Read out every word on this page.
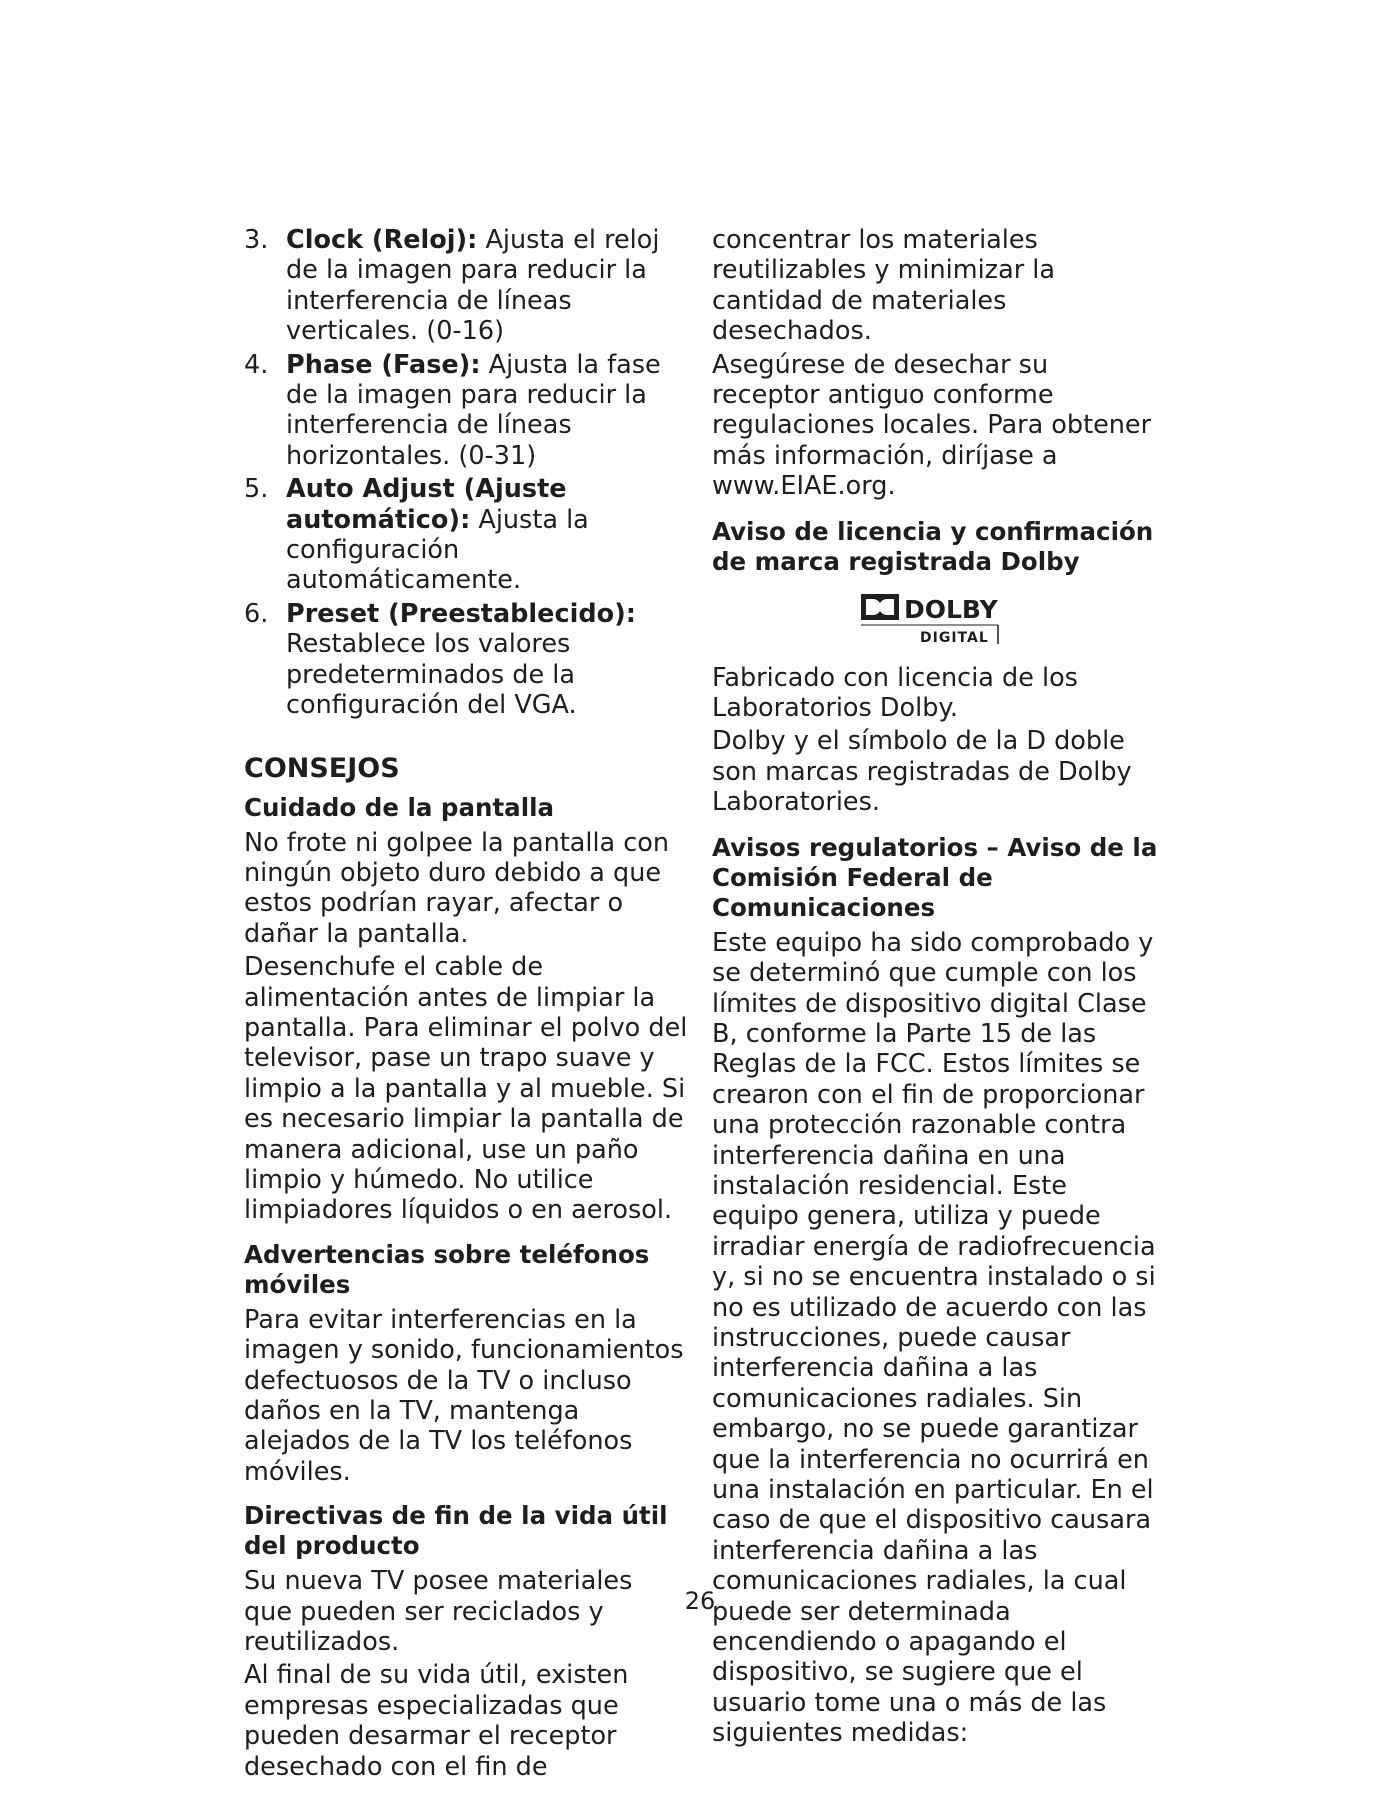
3. Clock (Reloj): Ajusta el reloj de la imagen para reducir la interferencia de líneas verticales. (0-16)
4. Phase (Fase): Ajusta la fase de la imagen para reducir la interferencia de líneas horizontales. (0-31)
5. Auto Adjust (Ajuste automático): Ajusta la configuración automáticamente.
6. Preset (Preestablecido): Restablece los valores predeterminados de la configuración del VGA.
CONSEJOS
Cuidado de la pantalla

No frote ni golpee la pantalla con ningún objeto duro debido a que estos podrían rayar, afectar o dañar la pantalla.

Desenchufe el cable de alimentación antes de limpiar la pantalla. Para eliminar el polvo del televisor, pase un trapo suave y limpio a la pantalla y al mueble. Si es necesario limpiar la pantalla de manera adicional, use un paño limpio y húmedo. No utilice limpiadores líquidos o en aerosol.

Advertencias sobre teléfonos móviles

Para evitar interferencias en la imagen y sonido, funcionamientos defectuosos de la TV o incluso daños en la TV, mantenga alejados de la TV los teléfonos móviles.

Directivas de fin de la vida útil del producto

Su nueva TV posee materiales que pueden ser reciclados y reutilizados.

Al final de su vida útil, existen empresas especializadas que pueden desarmar el receptor desechado con el fin de

concentrar los materiales reutilizables y minimizar la cantidad de materiales desechados.

Asegúrese de desechar su receptor antiguo conforme regulaciones locales. Para obtener más información, diríjase a www.EIAE.org.

Aviso de licencia y confirmación de marca registrada Dolby
DOLBY
DIGITAL

Fabricado con licencia de los Laboratorios Dolby.

Dolby y el símbolo de la D doble son marcas registradas de Dolby Laboratories.

Avisos regulatorios – Aviso de la Comisión Federal de Comunicaciones

Este equipo ha sido comprobado y se determinó que cumple con los límites de dispositivo digital Clase B, conforme la Parte 15 de las Reglas de la FCC. Estos límites se crearon con el fin de proporcionar una protección razonable contra interferencia dañina en una instalación residencial. Este equipo genera, utiliza y puede irradiar energía de radiofrecuencia y, si no se encuentra instalado o si no es utilizado de acuerdo con las instrucciones, puede causar interferencia dañina a las comunicaciones radiales. Sin embargo, no se puede garantizar que la interferencia no ocurrirá en una instalación en particular. En el caso de que el dispositivo causara interferencia dañina a las comunicaciones radiales, la cual puede ser determinada encendiendo o apagando el dispositivo, se sugiere que el usuario tome una o más de las siguientes medidas:

26
